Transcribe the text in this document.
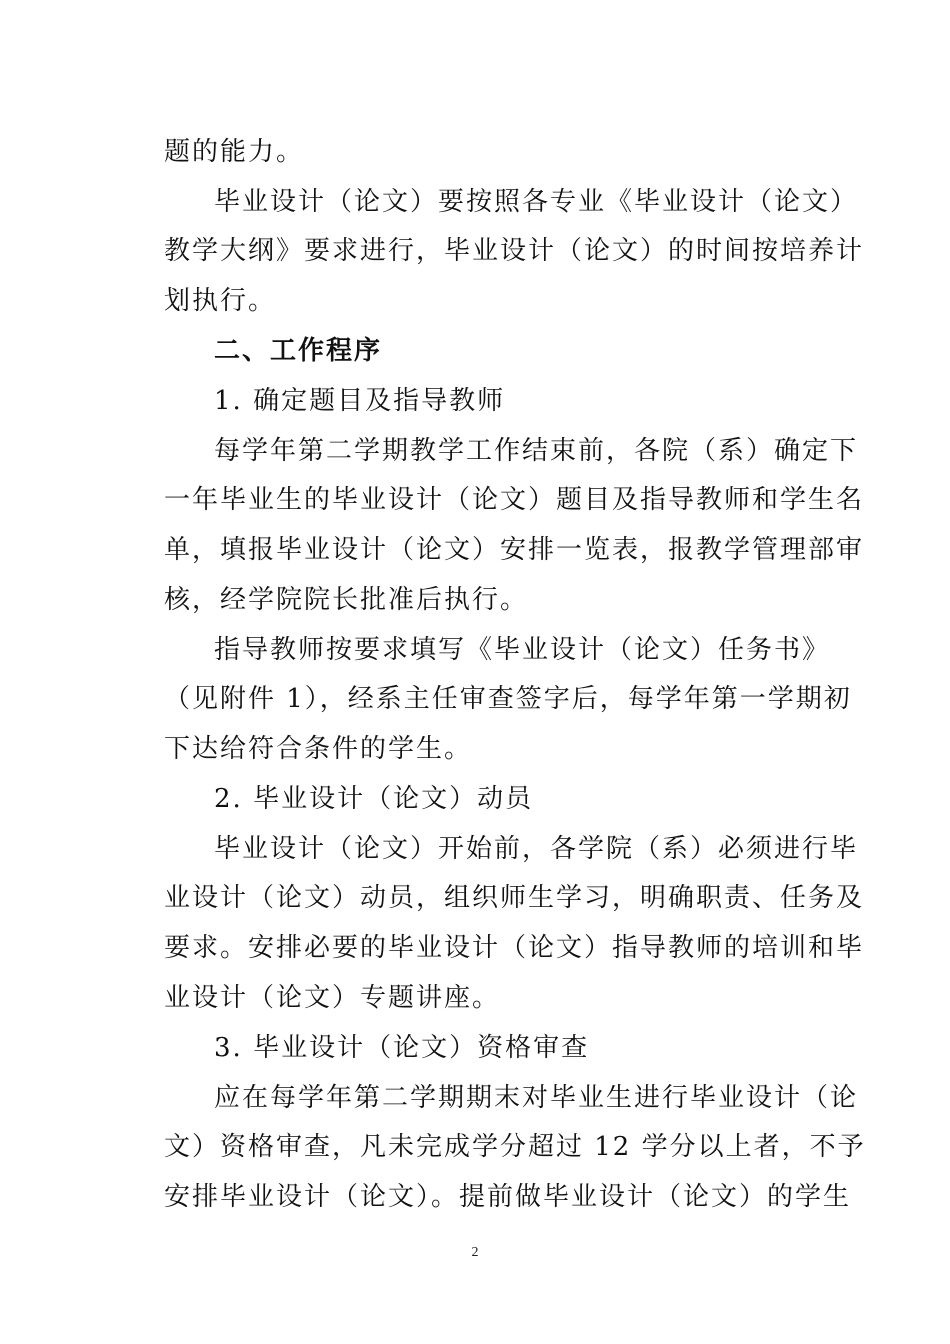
题的能力。
毕业设计（论文）要按照各专业《毕业设计（论文）
教学大纲》要求进行，毕业设计（论文）的时间按培养计
划执行。
二、工作程序
1. 确定题目及指导教师
每学年第二学期教学工作结束前，各院（系）确定下
一年毕业生的毕业设计（论文）题目及指导教师和学生名
单，填报毕业设计（论文）安排一览表，报教学管理部审
核，经学院院长批准后执行。
指导教师按要求填写《毕业设计（论文）任务书》
（见附件 1），经系主任审查签字后，每学年第一学期初
下达给符合条件的学生。
2. 毕业设计（论文）动员
毕业设计（论文）开始前，各学院（系）必须进行毕
业设计（论文）动员，组织师生学习，明确职责、任务及
要求。安排必要的毕业设计（论文）指导教师的培训和毕
业设计（论文）专题讲座。
3. 毕业设计（论文）资格审查
应在每学年第二学期期末对毕业生进行毕业设计（论
文）资格审查，凡未完成学分超过 12 学分以上者，不予
安排毕业设计（论文）。提前做毕业设计（论文）的学生
2
